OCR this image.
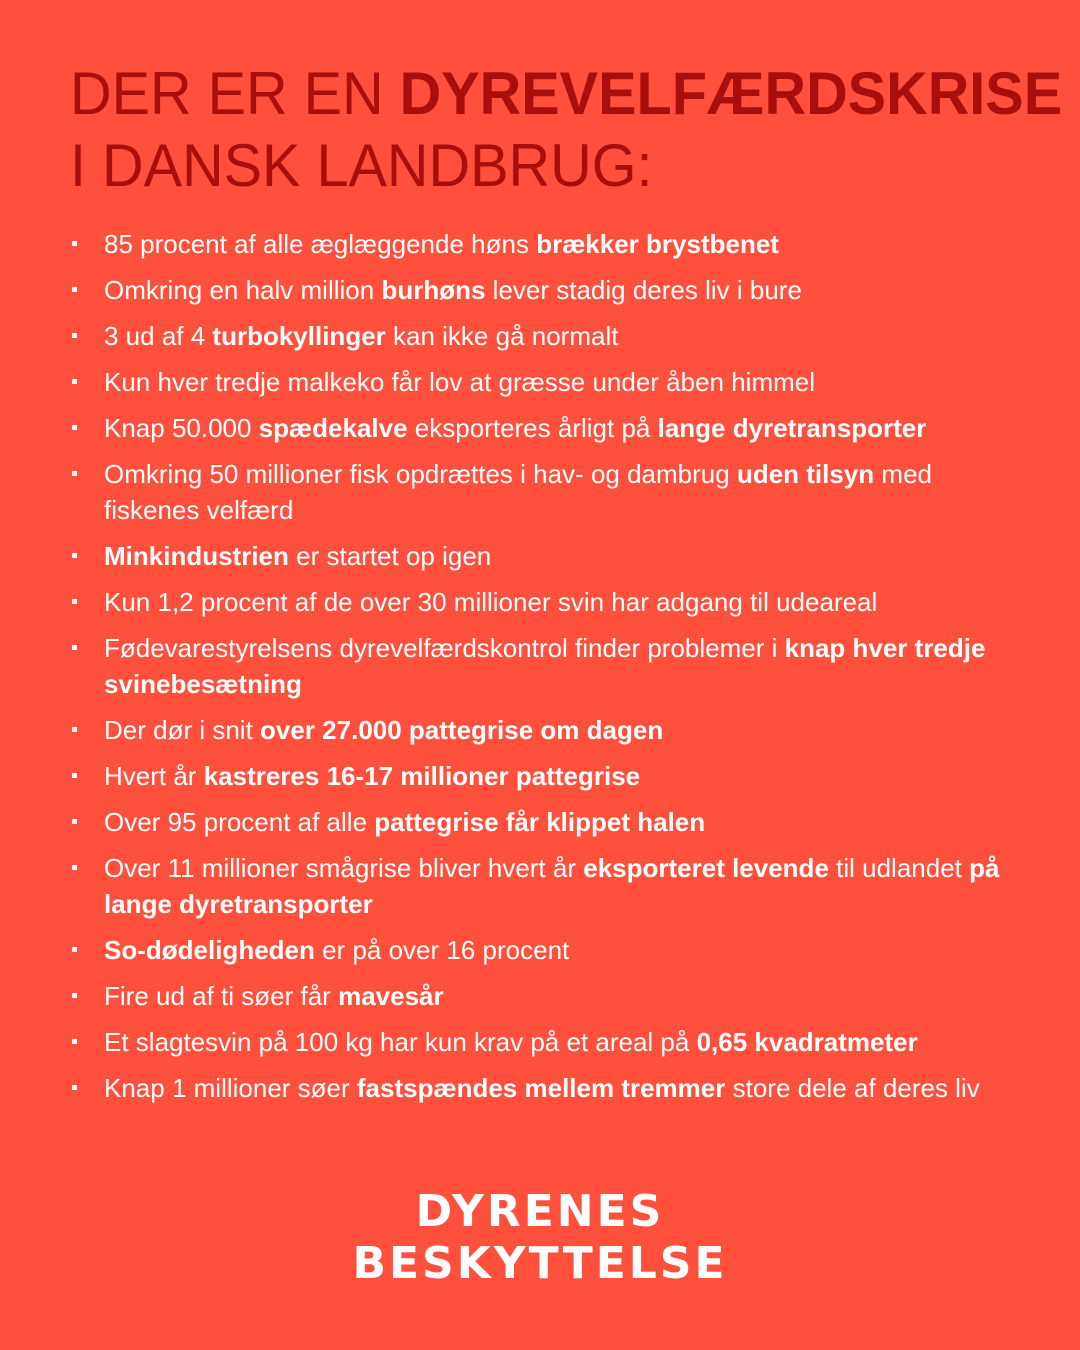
DER ER EN DYREVELFÆRDSKRISE
I DANSK LANDBRUG:
85 procent af alle æglæggende høns brækker brystbenet
Omkring en halv million burhøns lever stadig deres liv i bure
3 ud af 4 turbokyllinger kan ikke gå normalt
Kun hver tredje malkeko får lov at græsse under åben himmel
Knap 50.000 spædekalve eksporteres årligt på lange dyretransporter
Omkring 50 millioner fisk opdrættes i hav- og dambrug uden tilsyn med fiskenes velfærd
Minkindustrien er startet op igen
Kun 1,2 procent af de over 30 millioner svin har adgang til udeareal
Fødevarestyrelsens dyrevelfærdskontrol finder problemer i knap hver tredje svinebesætning
Der dør i snit over 27.000 pattegrise om dagen
Hvert år kastreres 16-17 millioner pattegrise
Over 95 procent af alle pattegrise får klippet halen
Over 11 millioner smågrise bliver hvert år eksporteret levende til udlandet på lange dyretransporter
So-dødeligheden er på over 16 procent
Fire ud af ti søer får mavesår
Et slagtesvin på 100 kg har kun krav på et areal på 0,65 kvadratmeter
Knap 1 millioner søer fastspændes mellem tremmer store dele af deres liv
DYRENES
BESKYTTELSE
